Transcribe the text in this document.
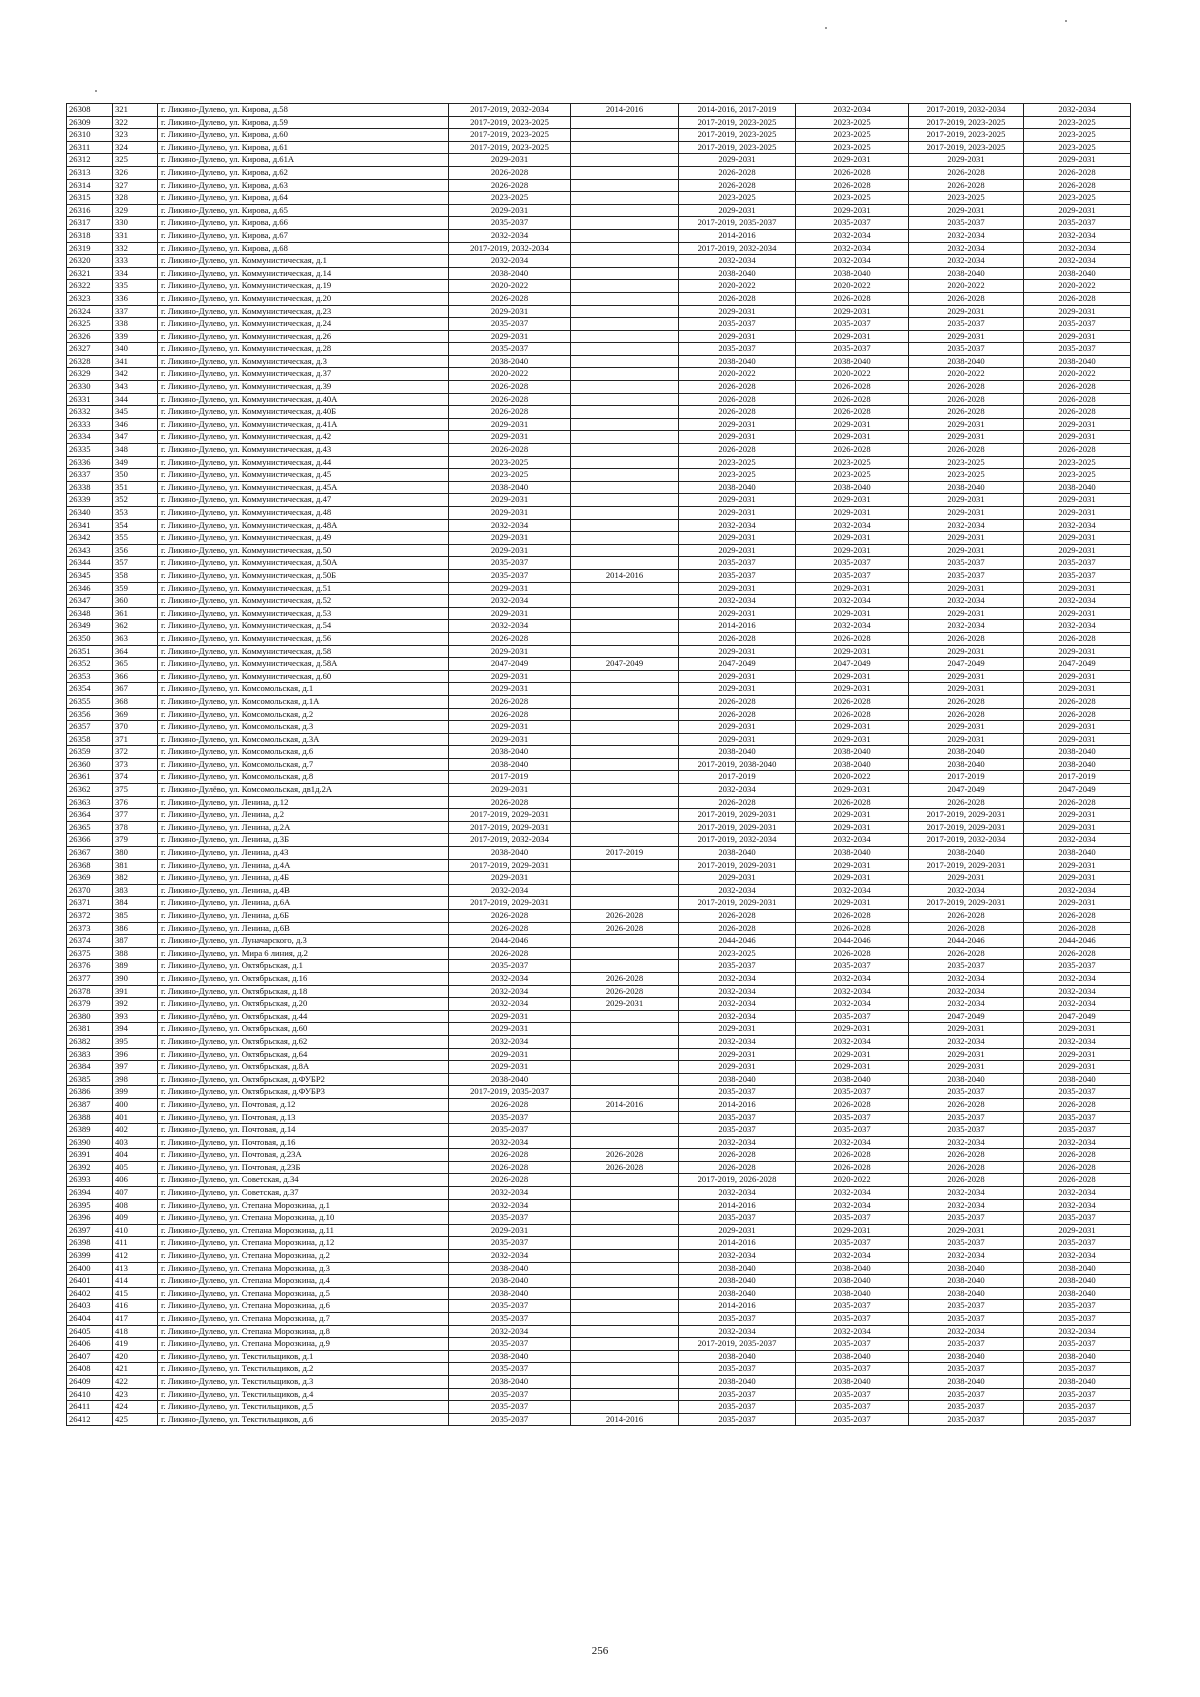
26308	321	г. Ликино-Дулево, ул. Кирова, д.58	2017-2019, 2032-2034	2014-2016	2014-2016, 2017-2019	2032-2034	2017-2019, 2032-2034	2032-2034
26309	322	г. Ликино-Дулево, ул. Кирова, д.59	2017-2019, 2023-2025		2017-2019, 2023-2025	2023-2025	2017-2019, 2023-2025	2023-2025
26310	323	г. Ликино-Дулево, ул. Кирова, д.60	2017-2019, 2023-2025		2017-2019, 2023-2025	2023-2025	2017-2019, 2023-2025	2023-2025
26311	324	г. Ликино-Дулево, ул. Кирова, д.61	2017-2019, 2023-2025		2017-2019, 2023-2025	2023-2025	2017-2019, 2023-2025	2023-2025
26312	325	г. Ликино-Дулево, ул. Кирова, д.61А	2029-2031		2029-2031	2029-2031	2029-2031	2029-2031
26313	326	г. Ликино-Дулево, ул. Кирова, д.62	2026-2028		2026-2028	2026-2028	2026-2028	2026-2028
26314	327	г. Ликино-Дулево, ул. Кирова, д.63	2026-2028		2026-2028	2026-2028	2026-2028	2026-2028
26315	328	г. Ликино-Дулево, ул. Кирова, д.64	2023-2025		2023-2025	2023-2025	2023-2025	2023-2025
26316	329	г. Ликино-Дулево, ул. Кирова, д.65	2029-2031		2029-2031	2029-2031	2029-2031	2029-2031
26317	330	г. Ликино-Дулево, ул. Кирова, д.66	2035-2037		2017-2019, 2035-2037	2035-2037	2035-2037	2035-2037
26318	331	г. Ликино-Дулево, ул. Кирова, д.67	2032-2034		2014-2016	2032-2034	2032-2034	2032-2034
26319	332	г. Ликино-Дулево, ул. Кирова, д.68	2017-2019, 2032-2034		2017-2019, 2032-2034	2032-2034	2032-2034	2032-2034
26320	333	г. Ликино-Дулево, ул. Коммунистическая, д.1	2032-2034		2032-2034	2032-2034	2032-2034	2032-2034
26321	334	г. Ликино-Дулево, ул. Коммунистическая, д.14	2038-2040		2038-2040	2038-2040	2038-2040	2038-2040
26322	335	г. Ликино-Дулево, ул. Коммунистическая, д.19	2020-2022		2020-2022	2020-2022	2020-2022	2020-2022
26323	336	г. Ликино-Дулево, ул. Коммунистическая, д.20	2026-2028		2026-2028	2026-2028	2026-2028	2026-2028
26324	337	г. Ликино-Дулево, ул. Коммунистическая, д.23	2029-2031		2029-2031	2029-2031	2029-2031	2029-2031
26325	338	г. Ликино-Дулево, ул. Коммунистическая, д.24	2035-2037		2035-2037	2035-2037	2035-2037	2035-2037
26326	339	г. Ликино-Дулево, ул. Коммунистическая, д.26	2029-2031		2029-2031	2029-2031	2029-2031	2029-2031
26327	340	г. Ликино-Дулево, ул. Коммунистическая, д.28	2035-2037		2035-2037	2035-2037	2035-2037	2035-2037
26328	341	г. Ликино-Дулево, ул. Коммунистическая, д.3	2038-2040		2038-2040	2038-2040	2038-2040	2038-2040
26329	342	г. Ликино-Дулево, ул. Коммунистическая, д.37	2020-2022		2020-2022	2020-2022	2020-2022	2020-2022
26330	343	г. Ликино-Дулево, ул. Коммунистическая, д.39	2026-2028		2026-2028	2026-2028	2026-2028	2026-2028
26331	344	г. Ликино-Дулево, ул. Коммунистическая, д.40А	2026-2028		2026-2028	2026-2028	2026-2028	2026-2028
26332	345	г. Ликино-Дулево, ул. Коммунистическая, д.40Б	2026-2028		2026-2028	2026-2028	2026-2028	2026-2028
26333	346	г. Ликино-Дулево, ул. Коммунистическая, д.41А	2029-2031		2029-2031	2029-2031	2029-2031	2029-2031
26334	347	г. Ликино-Дулево, ул. Коммунистическая, д.42	2029-2031		2029-2031	2029-2031	2029-2031	2029-2031
26335	348	г. Ликино-Дулево, ул. Коммунистическая, д.43	2026-2028		2026-2028	2026-2028	2026-2028	2026-2028
26336	349	г. Ликино-Дулево, ул. Коммунистическая, д.44	2023-2025		2023-2025	2023-2025	2023-2025	2023-2025
26337	350	г. Ликино-Дулево, ул. Коммунистическая, д.45	2023-2025		2023-2025	2023-2025	2023-2025	2023-2025
26338	351	г. Ликино-Дулево, ул. Коммунистическая, д.45А	2038-2040		2038-2040	2038-2040	2038-2040	2038-2040
26339	352	г. Ликино-Дулево, ул. Коммунистическая, д.47	2029-2031		2029-2031	2029-2031	2029-2031	2029-2031
26340	353	г. Ликино-Дулево, ул. Коммунистическая, д.48	2029-2031		2029-2031	2029-2031	2029-2031	2029-2031
26341	354	г. Ликино-Дулево, ул. Коммунистическая, д.48А	2032-2034		2032-2034	2032-2034	2032-2034	2032-2034
26342	355	г. Ликино-Дулево, ул. Коммунистическая, д.49	2029-2031		2029-2031	2029-2031	2029-2031	2029-2031
26343	356	г. Ликино-Дулево, ул. Коммунистическая, д.50	2029-2031		2029-2031	2029-2031	2029-2031	2029-2031
26344	357	г. Ликино-Дулево, ул. Коммунистическая, д.50А	2035-2037		2035-2037	2035-2037	2035-2037	2035-2037
26345	358	г. Ликино-Дулево, ул. Коммунистическая, д.50Б	2035-2037	2014-2016	2035-2037	2035-2037	2035-2037	2035-2037
26346	359	г. Ликино-Дулево, ул. Коммунистическая, д.51	2029-2031		2029-2031	2029-2031	2029-2031	2029-2031
26347	360	г. Ликино-Дулево, ул. Коммунистическая, д.52	2032-2034		2032-2034	2032-2034	2032-2034	2032-2034
26348	361	г. Ликино-Дулево, ул. Коммунистическая, д.53	2029-2031		2029-2031	2029-2031	2029-2031	2029-2031
26349	362	г. Ликино-Дулево, ул. Коммунистическая, д.54	2032-2034		2014-2016	2032-2034	2032-2034	2032-2034
26350	363	г. Ликино-Дулево, ул. Коммунистическая, д.56	2026-2028		2026-2028	2026-2028	2026-2028	2026-2028
26351	364	г. Ликино-Дулево, ул. Коммунистическая, д.58	2029-2031		2029-2031	2029-2031	2029-2031	2029-2031
26352	365	г. Ликино-Дулево, ул. Коммунистическая, д.58А	2047-2049	2047-2049	2047-2049	2047-2049	2047-2049	2047-2049
26353	366	г. Ликино-Дулево, ул. Коммунистическая, д.60	2029-2031		2029-2031	2029-2031	2029-2031	2029-2031
26354	367	г. Ликино-Дулево, ул. Комсомольская, д.1	2029-2031		2029-2031	2029-2031	2029-2031	2029-2031
26355	368	г. Ликино-Дулево, ул. Комсомольская, д.1А	2026-2028		2026-2028	2026-2028	2026-2028	2026-2028
26356	369	г. Ликино-Дулево, ул. Комсомольская, д.2	2026-2028		2026-2028	2026-2028	2026-2028	2026-2028
26357	370	г. Ликино-Дулево, ул. Комсомольская, д.3	2029-2031		2029-2031	2029-2031	2029-2031	2029-2031
26358	371	г. Ликино-Дулево, ул. Комсомольская, д.3А	2029-2031		2029-2031	2029-2031	2029-2031	2029-2031
26359	372	г. Ликино-Дулево, ул. Комсомольская, д.6	2038-2040		2038-2040	2038-2040	2038-2040	2038-2040
26360	373	г. Ликино-Дулево, ул. Комсомольская, д.7	2038-2040		2017-2019, 2038-2040	2038-2040	2038-2040	2038-2040
26361	374	г. Ликино-Дулево, ул. Комсомольская, д.8	2017-2019		2017-2019	2020-2022	2017-2019	2017-2019
26362	375	г. Ликино-Дулёво, ул. Комсомольская, дв1д.2А	2029-2031		2032-2034	2029-2031	2047-2049	2047-2049
26363	376	г. Ликино-Дулево, ул. Ленина, д.12	2026-2028		2026-2028	2026-2028	2026-2028	2026-2028
26364	377	г. Ликино-Дулево, ул. Ленина, д.2	2017-2019, 2029-2031		2017-2019, 2029-2031	2029-2031	2017-2019, 2029-2031	2029-2031
26365	378	г. Ликино-Дулево, ул. Ленина, д.2А	2017-2019, 2029-2031		2017-2019, 2029-2031	2029-2031	2017-2019, 2029-2031	2029-2031
26366	379	г. Ликино-Дулево, ул. Ленина, д.3Б	2017-2019, 2032-2034		2017-2019, 2032-2034	2032-2034	2017-2019, 2032-2034	2032-2034
26367	380	г. Ликино-Дулево, ул. Ленина, д.43	2038-2040	2017-2019	2038-2040	2038-2040	2038-2040	2038-2040
26368	381	г. Ликино-Дулево, ул. Ленина, д.4А	2017-2019, 2029-2031		2017-2019, 2029-2031	2029-2031	2017-2019, 2029-2031	2029-2031
26369	382	г. Ликино-Дулево, ул. Ленина, д.4Б	2029-2031		2029-2031	2029-2031	2029-2031	2029-2031
26370	383	г. Ликино-Дулево, ул. Ленина, д.4В	2032-2034		2032-2034	2032-2034	2032-2034	2032-2034
26371	384	г. Ликино-Дулево, ул. Ленина, д.6А	2017-2019, 2029-2031		2017-2019, 2029-2031	2029-2031	2017-2019, 2029-2031	2029-2031
26372	385	г. Ликино-Дулево, ул. Ленина, д.6Б	2026-2028	2026-2028	2026-2028	2026-2028	2026-2028	2026-2028
26373	386	г. Ликино-Дулево, ул. Ленина, д.6В	2026-2028	2026-2028	2026-2028	2026-2028	2026-2028	2026-2028
26374	387	г. Ликино-Дулево, ул. Луначарского, д.3	2044-2046		2044-2046	2044-2046	2044-2046	2044-2046
26375	388	г. Ликино-Дулево, ул. Мира 6 линия, д.2	2026-2028		2023-2025	2026-2028	2026-2028	2026-2028
26376	389	г. Ликино-Дулево, ул. Октябрьская, д.1	2035-2037		2035-2037	2035-2037	2035-2037	2035-2037
26377	390	г. Ликино-Дулево, ул. Октябрьская, д.16	2032-2034	2026-2028	2032-2034	2032-2034	2032-2034	2032-2034
26378	391	г. Ликино-Дулево, ул. Октябрьская, д.18	2032-2034	2026-2028	2032-2034	2032-2034	2032-2034	2032-2034
26379	392	г. Ликино-Дулево, ул. Октябрьская, д.20	2032-2034	2029-2031	2032-2034	2032-2034	2032-2034	2032-2034
26380	393	г. Ликино-Дулёво, ул. Октябрьская, д.44	2029-2031		2032-2034	2035-2037	2047-2049	2047-2049
26381	394	г. Ликино-Дулево, ул. Октябрьская, д.60	2029-2031		2029-2031	2029-2031	2029-2031	2029-2031
26382	395	г. Ликино-Дулево, ул. Октябрьская, д.62	2032-2034		2032-2034	2032-2034	2032-2034	2032-2034
26383	396	г. Ликино-Дулево, ул. Октябрьская, д.64	2029-2031		2029-2031	2029-2031	2029-2031	2029-2031
26384	397	г. Ликино-Дулево, ул. Октябрьская, д.8А	2029-2031		2029-2031	2029-2031	2029-2031	2029-2031
26385	398	г. Ликино-Дулево, ул. Октябрьская, д.ФУБР2	2038-2040		2038-2040	2038-2040	2038-2040	2038-2040
26386	399	г. Ликино-Дулево, ул. Октябрьская, д.ФУБР3	2017-2019, 2035-2037		2035-2037	2035-2037	2035-2037	2035-2037
26387	400	г. Ликино-Дулево, ул. Почтовая, д.12	2026-2028	2014-2016	2014-2016	2026-2028	2026-2028	2026-2028
26388	401	г. Ликино-Дулево, ул. Почтовая, д.13	2035-2037		2035-2037	2035-2037	2035-2037	2035-2037
26389	402	г. Ликино-Дулево, ул. Почтовая, д.14	2035-2037		2035-2037	2035-2037	2035-2037	2035-2037
26390	403	г. Ликино-Дулево, ул. Почтовая, д.16	2032-2034		2032-2034	2032-2034	2032-2034	2032-2034
26391	404	г. Ликино-Дулево, ул. Почтовая, д.23А	2026-2028	2026-2028	2026-2028	2026-2028	2026-2028	2026-2028
26392	405	г. Ликино-Дулево, ул. Почтовая, д.23Б	2026-2028	2026-2028	2026-2028	2026-2028	2026-2028	2026-2028
26393	406	г. Ликино-Дулево, ул. Советская, д.34	2026-2028		2017-2019, 2026-2028	2020-2022	2026-2028	2026-2028
26394	407	г. Ликино-Дулево, ул. Советская, д.37	2032-2034		2032-2034	2032-2034	2032-2034	2032-2034
26395	408	г. Ликино-Дулево, ул. Степана Морозкина, д.1	2032-2034		2014-2016	2032-2034	2032-2034	2032-2034
26396	409	г. Ликино-Дулево, ул. Степана Морозкина, д.10	2035-2037		2035-2037	2035-2037	2035-2037	2035-2037
26397	410	г. Ликино-Дулево, ул. Степана Морозкина, д.11	2029-2031		2029-2031	2029-2031	2029-2031	2029-2031
26398	411	г. Ликино-Дулево, ул. Степана Морозкина, д.12	2035-2037		2014-2016	2035-2037	2035-2037	2035-2037
26399	412	г. Ликино-Дулево, ул. Степана Морозкина, д.2	2032-2034		2032-2034	2032-2034	2032-2034	2032-2034
26400	413	г. Ликино-Дулево, ул. Степана Морозкина, д.3	2038-2040		2038-2040	2038-2040	2038-2040	2038-2040
26401	414	г. Ликино-Дулево, ул. Степана Морозкина, д.4	2038-2040		2038-2040	2038-2040	2038-2040	2038-2040
26402	415	г. Ликино-Дулево, ул. Степана Морозкина, д.5	2038-2040		2038-2040	2038-2040	2038-2040	2038-2040
26403	416	г. Ликино-Дулево, ул. Степана Морозкина, д.6	2035-2037		2014-2016	2035-2037	2035-2037	2035-2037
26404	417	г. Ликино-Дулево, ул. Степана Морозкина, д.7	2035-2037		2035-2037	2035-2037	2035-2037	2035-2037
26405	418	г. Ликино-Дулево, ул. Степана Морозкина, д.8	2032-2034		2032-2034	2032-2034	2032-2034	2032-2034
26406	419	г. Ликино-Дулево, ул. Степана Морозкина, д.9	2035-2037		2017-2019, 2035-2037	2035-2037	2035-2037	2035-2037
26407	420	г. Ликино-Дулево, ул. Текстильщиков, д.1	2038-2040		2038-2040	2038-2040	2038-2040	2038-2040
26408	421	г. Ликино-Дулево, ул. Текстильщиков, д.2	2035-2037		2035-2037	2035-2037	2035-2037	2035-2037
26409	422	г. Ликино-Дулево, ул. Текстильщиков, д.3	2038-2040		2038-2040	2038-2040	2038-2040	2038-2040
26410	423	г. Ликино-Дулево, ул. Текстильщиков, д.4	2035-2037		2035-2037	2035-2037	2035-2037	2035-2037
26411	424	г. Ликино-Дулево, ул. Текстильщиков, д.5	2035-2037		2035-2037	2035-2037	2035-2037	2035-2037
26412	425	г. Ликино-Дулево, ул. Текстильщиков, д.6	2035-2037	2014-2016	2035-2037	2035-2037	2035-2037	2035-2037
256
